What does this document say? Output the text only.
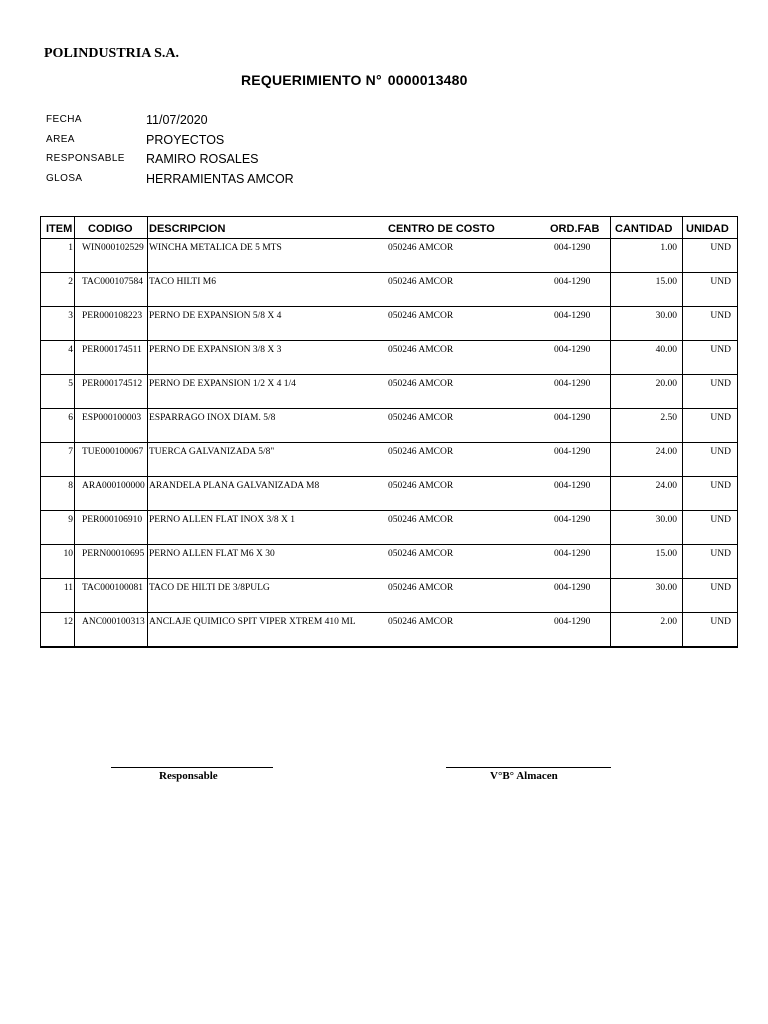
POLINDUSTRIA S.A.
REQUERIMIENTO N° 0000013480
FECHA	11/07/2020
AREA	PROYECTOS
RESPONSABLE RAMIRO ROSALES
GLOSA	HERRAMIENTAS AMCOR
ITEM CODIGO DESCRIPCION	CENTRO DE COSTO	ORD.FAB CANTIDAD UNIDAD
1 WIN000102529 WINCHA METALICA DE 5 MTS	050246 AMCOR	004-1290	1.00	UND
2 TAC000107584 TACO HILTI M6	050246 AMCOR	004-1290	15.00	UND
3 PER000108223 PERNO DE EXPANSION 5/8 X 4	050246 AMCOR	004-1290	30.00	UND
4 PER000174511 PERNO DE EXPANSION 3/8 X 3	050246 AMCOR	004-1290	40.00	UND
5 PER000174512 PERNO DE EXPANSION 1/2 X 4 1/4	050246 AMCOR	004-1290	20.00	UND
6 ESP000100003 ESPARRAGO INOX DIAM. 5/8	050246 AMCOR	004-1290	2.50	UND
7 TUE000100067 TUERCA GALVANIZADA 5/8"	050246 AMCOR	004-1290	24.00	UND
8 ARA000100000 ARANDELA PLANA GALVANIZADA M8	050246 AMCOR	004-1290	24.00	UND
9 PER000106910 PERNO ALLEN FLAT INOX 3/8 X 1	050246 AMCOR	004-1290	30.00	UND
10 PERN00010695 PERNO ALLEN FLAT M6 X 30	050246 AMCOR	004-1290	15.00	UND
11 TAC000100081 TACO DE HILTI DE 3/8PULG	050246 AMCOR	004-1290	30.00	UND
12 ANC000100313 ANCLAJE QUIMICO SPIT VIPER XTREM 410 ML	050246 AMCOR	004-1290	2.00	UND
Responsable	V°B° Almacen
